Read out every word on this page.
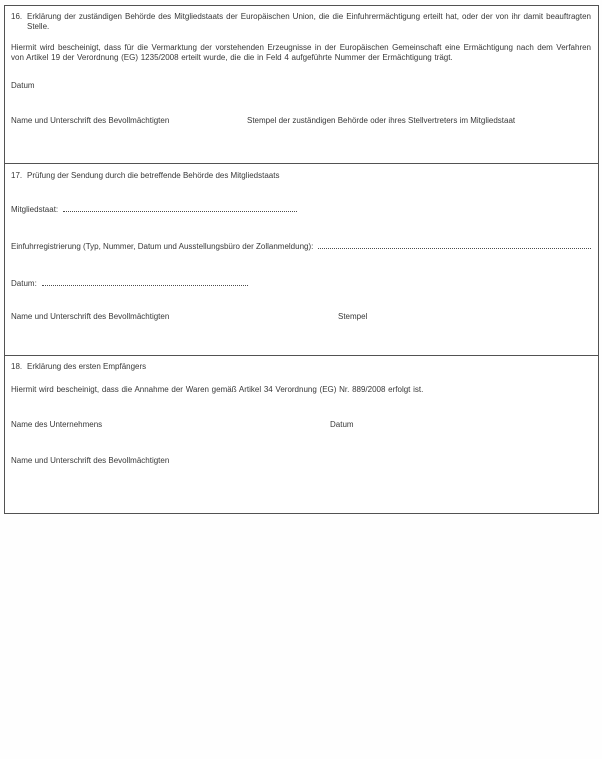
16. Erklärung der zuständigen Behörde des Mitgliedstaats der Europäischen Union, die die Einfuhrermächtigung erteilt hat, oder der von ihr damit beauftragten Stelle.
Hiermit wird bescheinigt, dass für die Vermarktung der vorstehenden Erzeugnisse in der Europäischen Gemeinschaft eine Ermächtigung nach dem Verfahren von Artikel 19 der Verordnung (EG) 1235/2008 erteilt wurde, die die in Feld 4 aufgeführte Nummer der Ermächtigung trägt.
Datum
Name und Unterschrift des Bevollmächtigten	Stempel der zuständigen Behörde oder ihres Stellvertreters im Mitgliedstaat
17. Prüfung der Sendung durch die betreffende Behörde des Mitgliedstaats
Mitgliedstaat:
Einfuhrregistrierung (Typ, Nummer, Datum und Ausstellungsbüro der Zollanmeldung):
Datum:
Name und Unterschrift des Bevollmächtigten	Stempel
18. Erklärung des ersten Empfängers
Hiermit wird bescheinigt, dass die Annahme der Waren gemäß Artikel 34 Verordnung (EG) Nr. 889/2008 erfolgt ist.
Name des Unternehmens	Datum
Name und Unterschrift des Bevollmächtigten
